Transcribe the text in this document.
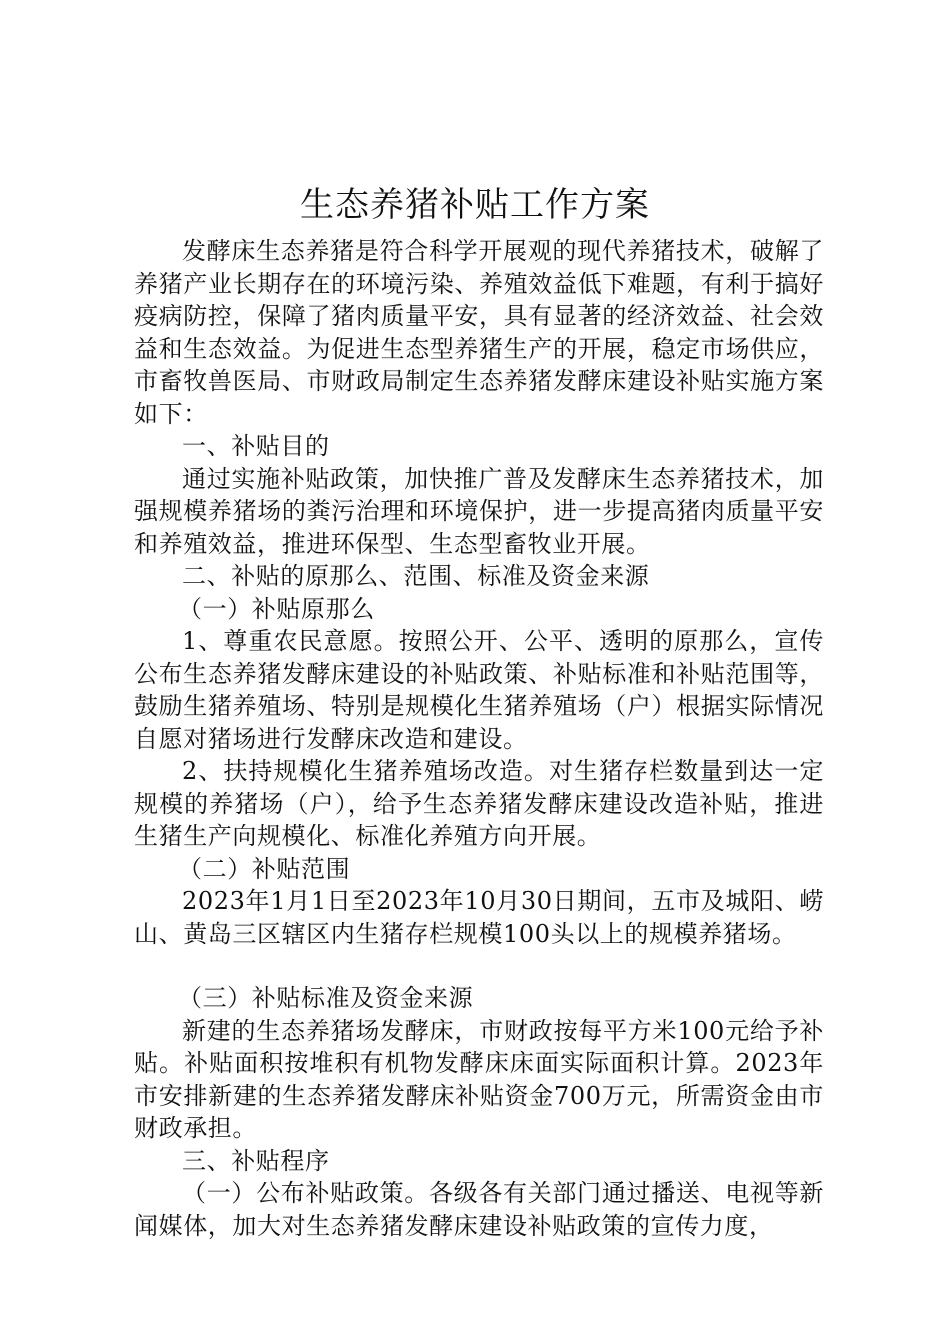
生态养猪补贴工作方案

发酵床生态养猪是符合科学开展观的现代养猪技术，破解了养猪产业长期存在的环境污染、养殖效益低下难题，有利于搞好疫病防控，保障了猪肉质量平安，具有显著的经济效益、社会效益和生态效益。为促进生态型养猪生产的开展，稳定市场供应，市畜牧兽医局、市财政局制定生态养猪发酵床建设补贴实施方案如下：

一、补贴目的

通过实施补贴政策，加快推广普及发酵床生态养猪技术，加强规模养猪场的粪污治理和环境保护，进一步提高猪肉质量平安和养殖效益，推进环保型、生态型畜牧业开展。

二、补贴的原那么、范围、标准及资金来源

（一）补贴原那么

1、尊重农民意愿。按照公开、公平、透明的原那么，宣传公布生态养猪发酵床建设的补贴政策、补贴标准和补贴范围等，鼓励生猪养殖场、特别是规模化生猪养殖场（户）根据实际情况自愿对猪场进行发酵床改造和建设。

2、扶持规模化生猪养殖场改造。对生猪存栏数量到达一定规模的养猪场（户），给予生态养猪发酵床建设改造补贴，推进生猪生产向规模化、标准化养殖方向开展。

（二）补贴范围

2023年1月1日至2023年10月30日期间，五市及城阳、崂山、黄岛三区辖区内生猪存栏规模100头以上的规模养猪场。

（三）补贴标准及资金来源

新建的生态养猪场发酵床，市财政按每平方米100元给予补贴。补贴面积按堆积有机物发酵床床面实际面积计算。2023年市安排新建的生态养猪发酵床补贴资金700万元，所需资金由市财政承担。

三、补贴程序

（一）公布补贴政策。各级各有关部门通过播送、电视等新闻媒体，加大对生态养猪发酵床建设补贴政策的宣传力度，
